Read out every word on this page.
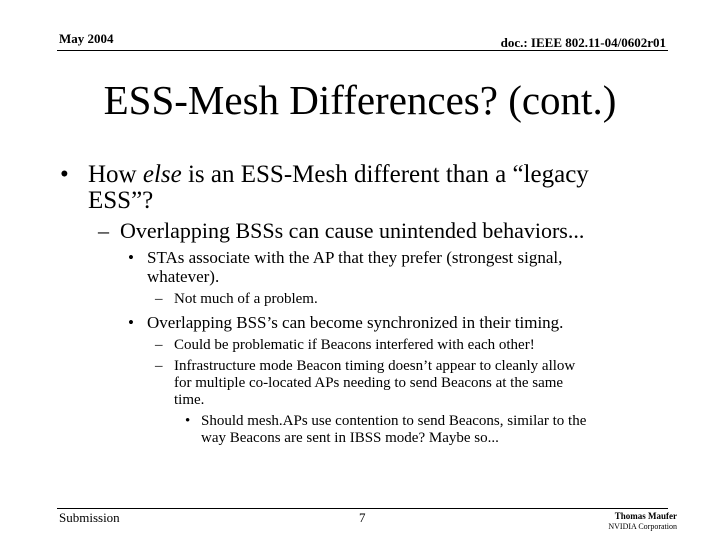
May 2004	doc.: IEEE 802.11-04/0602r01
ESS-Mesh Differences? (cont.)
• How else is an ESS-Mesh different than a “legacy
ESS”?
– Overlapping BSSs can cause unintended behaviors...
• STAs associate with the AP that they prefer (strongest signal,
whatever).
– Not much of a problem.
• Overlapping BSS’s can become synchronized in their timing.
– Could be problematic if Beacons interfered with each other!
– Infrastructure mode Beacon timing doesn’t appear to cleanly allow
for multiple co-located APs needing to send Beacons at the same
time.
• Should mesh.APs use contention to send Beacons, similar to the
way Beacons are sent in IBSS mode? Maybe so...
Submission	7	Thomas Maufer
NVIDIA Corporation
